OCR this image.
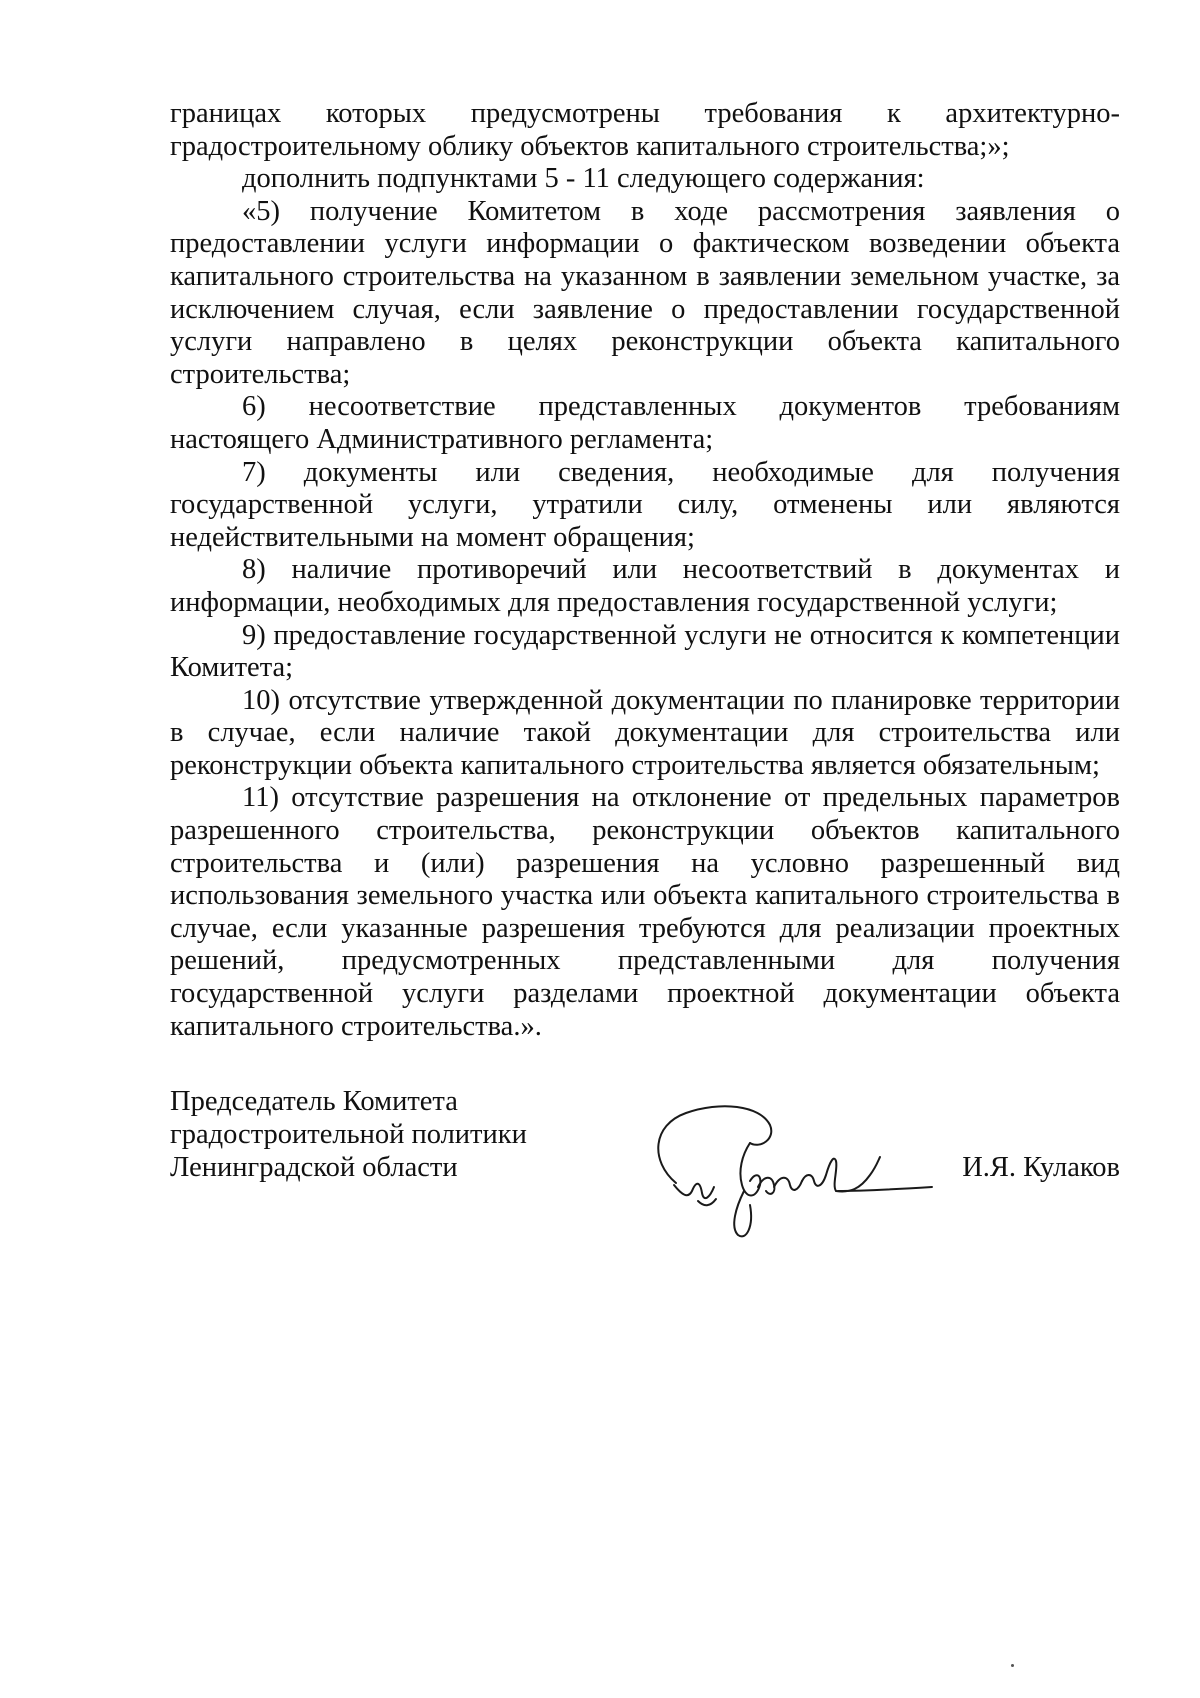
границах которых предусмотрены требования к архитектурно-градостроительному облику объектов капитального строительства;»;

дополнить подпунктами 5 - 11 следующего содержания:

«5) получение Комитетом в ходе рассмотрения заявления о предоставлении услуги информации о фактическом возведении объекта капитального строительства на указанном в заявлении земельном участке, за исключением случая, если заявление о предоставлении государственной услуги направлено в целях реконструкции объекта капитального строительства;

6) несоответствие представленных документов требованиям настоящего Административного регламента;

7) документы или сведения, необходимые для получения государственной услуги, утратили силу, отменены или являются недействительными на момент обращения;

8) наличие противоречий или несоответствий в документах и информации, необходимых для предоставления государственной услуги;

9) предоставление государственной услуги не относится к компетенции Комитета;

10) отсутствие утвержденной документации по планировке территории в случае, если наличие такой документации для строительства или реконструкции объекта капитального строительства является обязательным;

11) отсутствие разрешения на отклонение от предельных параметров разрешенного строительства, реконструкции объектов капитального строительства и (или) разрешения на условно разрешенный вид использования земельного участка или объекта капитального строительства в случае, если указанные разрешения требуются для реализации проектных решений, предусмотренных представленными для получения государственной услуги разделами проектной документации объекта капитального строительства.».

Председатель Комитета
градостроительной политики
Ленинградской области	И.Я. Кулаков
